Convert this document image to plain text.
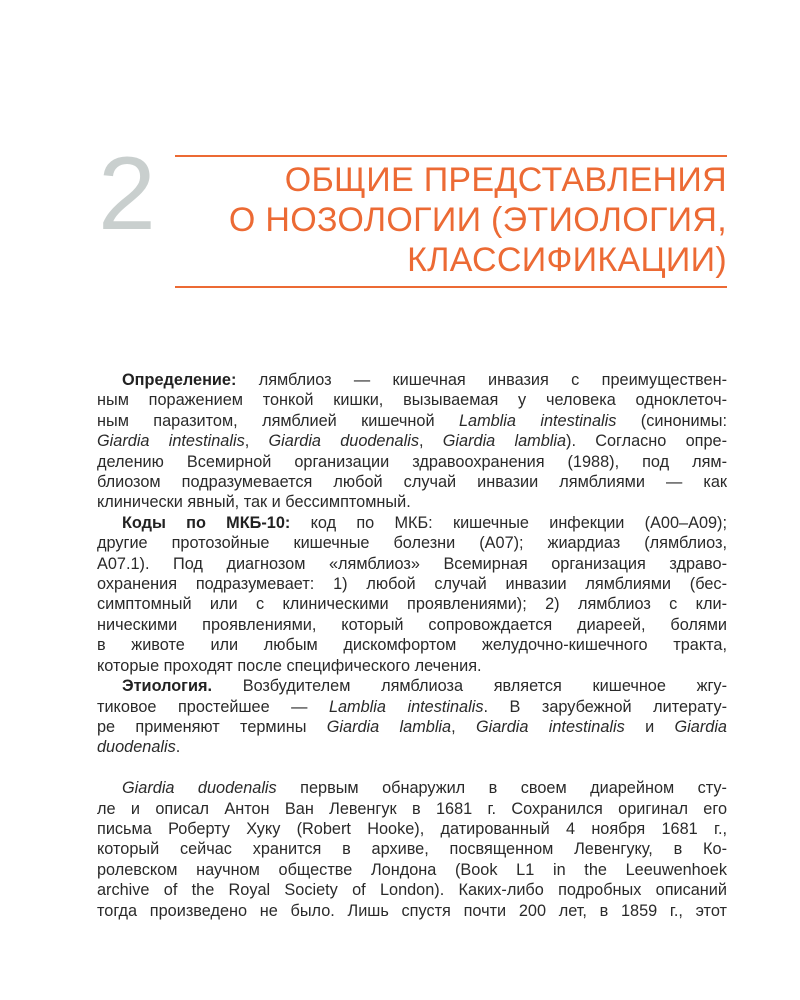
2	ОБЩИЕ ПРЕДСТАВЛЕНИЯ
О НОЗОЛОГИИ (ЭТИОЛОГИЯ,
КЛАССИФИКАЦИИ)
Определение: лямблиоз — кишечная инвазия с преимуществен-
ным поражением тонкой кишки, вызываемая у человека одноклеточ-
ным паразитом, лямблией кишечной Lamblia intestinalis (синонимы:
Giardia intestinalis, Giardia duodenalis, Giardia lamblia). Согласно опре-
делению Всемирной организации здравоохранения (1988), под лям-
блиозом подразумевается любой случай инвазии лямблиями — как
клинически явный, так и бессимптомный.
Коды по МКБ-10: код по МКБ: кишечные инфекции (A00–A09);
другие протозойные кишечные болезни (A07); жиардиаз (лямблиоз,
A07.1). Под диагнозом «лямблиоз» Всемирная организация здраво-
охранения подразумевает: 1) любой случай инвазии лямблиями (бес-
симптомный или с клиническими проявлениями); 2) лямблиоз с кли-
ническими проявлениями, который сопровождается диареей, болями
в животе или любым дискомфортом желудочно-кишечного тракта,
которые проходят после специфического лечения.
Этиология. Возбудителем лямблиоза является кишечное жгу-
тиковое простейшее — Lamblia intestinalis. В зарубежной литерату-
ре применяют термины Giardia lamblia, Giardia intestinalis и Giardia
duodenalis.
Giardia duodenalis первым обнаружил в своем диарейном сту-
ле и описал Антон Ван Левенгук в 1681 г. Сохранился оригинал его
письма Роберту Хуку (Robert Hooke), датированный 4 ноября 1681 г.,
который сейчас хранится в архиве, посвященном Левенгуку, в Ко-
ролевском научном обществе Лондона (Book L1 in the Leeuwenhoek
archive of the Royal Society of London). Каких-либо подробных описаний
тогда произведено не было. Лишь спустя почти 200 лет, в 1859 г., этот
